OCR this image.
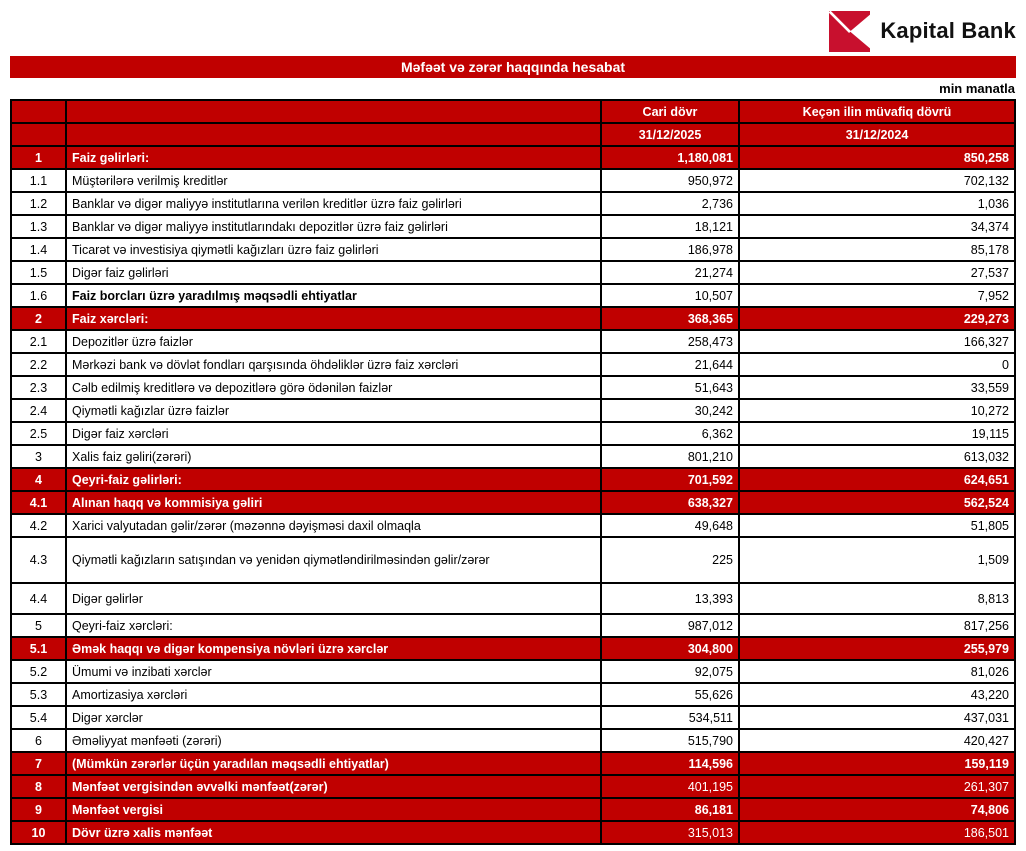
Kapital Bank
Məfəət və zərər haqqında hesabat
min manatla
		Cari dövr	Keçən ilin müvafiq dövrü
		31/12/2025	31/12/2024
1	Faiz gəlirləri:	1,180,081	850,258
1.1	Müştərilərə verilmiş kreditlər	950,972	702,132
1.2	Banklar və digər maliyyə institutlarına verilən kreditlər üzrə faiz gəlirləri	2,736	1,036
1.3	Banklar və digər maliyyə institutlarındakı depozitlər üzrə faiz gəlirləri	18,121	34,374
1.4	Ticarət və investisiya qiymətli kağızları üzrə faiz gəlirləri	186,978	85,178
1.5	Digər faiz gəlirləri	21,274	27,537
1.6	Faiz borcları üzrə yaradılmış məqsədli ehtiyatlar	10,507	7,952
2	Faiz xərcləri:	368,365	229,273
2.1	Depozitlər üzrə faizlər	258,473	166,327
2.2	Mərkəzi bank və dövlət fondları qarşısında öhdəliklər üzrə faiz xərcləri	21,644	0
2.3	Cəlb edilmiş kreditlərə və depozitlərə görə ödənilən faizlər	51,643	33,559
2.4	Qiymətli kağızlar üzrə faizlər	30,242	10,272
2.5	Digər faiz xərcləri	6,362	19,115
3	Xalis faiz gəliri(zərəri)	801,210	613,032
4	Qeyri-faiz gəlirləri:	701,592	624,651
4.1	Alınan haqq və kommisiya gəliri	638,327	562,524
4.2	Xarici valyutadan gəlir/zərər (məzənnə dəyişməsi daxil olmaqla	49,648	51,805
4.3	Qiymətli kağızların satışından və yenidən qiymətləndirilməsindən gəlir/zərər	225	1,509
4.4	Digər gəlirlər	13,393	8,813
5	Qeyri-faiz xərcləri:	987,012	817,256
5.1	Əmək haqqı və digər kompensiya növləri üzrə xərclər	304,800	255,979
5.2	Ümumi və inzibati xərclər	92,075	81,026
5.3	Amortizasiya xərcləri	55,626	43,220
5.4	Digər xərclər	534,511	437,031
6	Əməliyyat mənfəəti (zərəri)	515,790	420,427
7	(Mümkün zərərlər üçün yaradılan məqsədli ehtiyatlar)	114,596	159,119
8	Mənfəət vergisindən əvvəlki mənfəət(zərər)	401,195	261,307
9	Mənfəət vergisi	86,181	74,806
10	Dövr üzrə xalis mənfəət	315,013	186,501
